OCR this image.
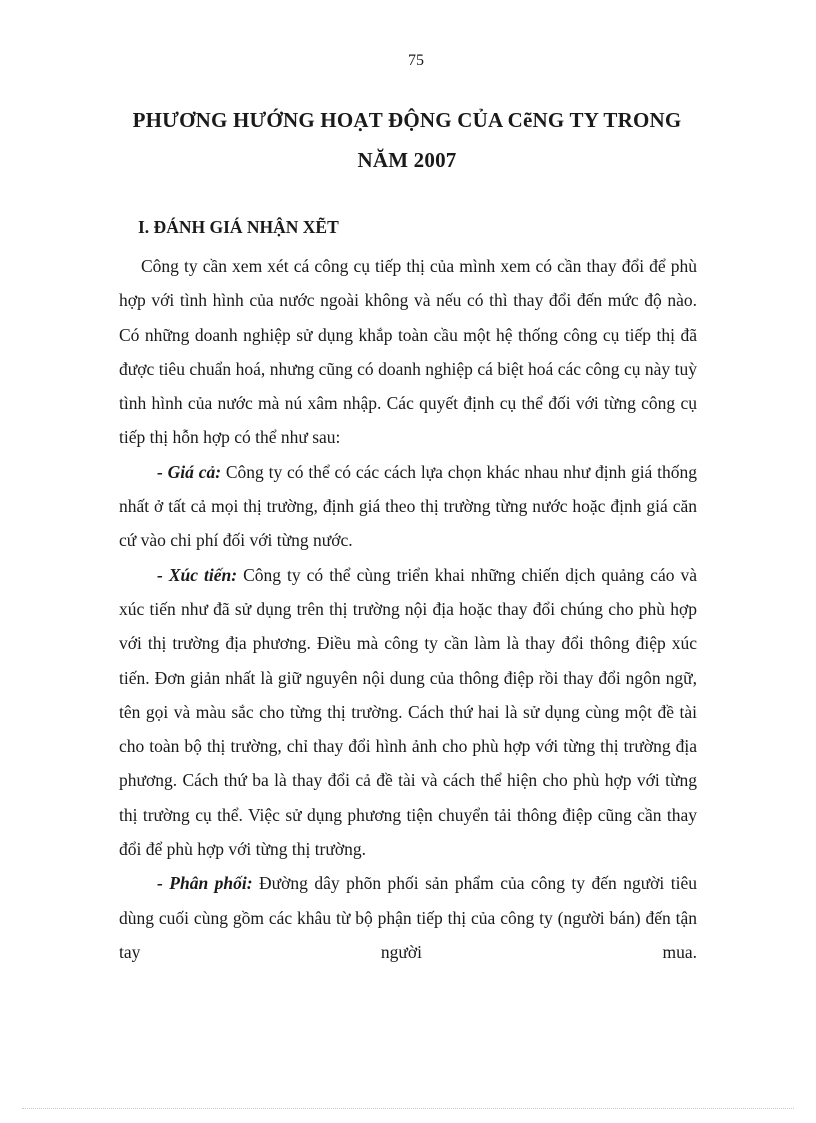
75
PHƯƠNG HƯỚNG HOẠT ĐỘNG CỦA CẽNG TY TRONG
NĂM 2007
I. ĐÁNH GIÁ NHẬN XẼT

Công ty cần xem xét cá công cụ tiếp thị của mình xem có cần thay đổi để phù hợp với tình hình của nước ngoài không và nếu có thì thay đổi đến mức độ nào. Có những doanh nghiệp sử dụng khắp toàn cầu một hệ thống công cụ tiếp thị đã được tiêu chuẩn hoá, nhưng cũng có doanh nghiệp cá biệt hoá các công cụ này tuỳ tình hình của nước mà nú xâm nhập. Các quyết định cụ thể đối với từng công cụ tiếp thị hỗn hợp có thể như sau:

- Giá cả: Công ty có thể có các cách lựa chọn khác nhau như định giá thống nhất ở tất cả mọi thị trường, định giá theo thị trường từng nước hoặc định giá căn cứ vào chi phí đối với từng nước.

- Xúc tiến: Công ty có thể cùng triển khai những chiến dịch quảng cáo và xúc tiến như đã sử dụng trên thị trường nội địa hoặc thay đổi chúng cho phù hợp với thị trường địa phương. Điều mà công ty cần làm là thay đổi thông điệp xúc tiến. Đơn giản nhất là giữ nguyên nội dung của thông điệp rồi thay đổi ngôn ngữ, tên gọi và màu sắc cho từng thị trường. Cách thứ hai là sử dụng cùng một đề tài cho toàn bộ thị trường, chỉ thay đổi hình ảnh cho phù hợp với từng thị trường địa phương. Cách thứ ba là thay đổi cả đề tài và cách thể hiện cho phù hợp với từng thị trường cụ thể. Việc sử dụng phương tiện chuyển tải thông điệp cũng cần thay đổi để phù hợp với từng thị trường.

- Phân phối: Đường dây phõn phối sản phẩm của công ty đến người tiêu dùng cuối cùng gồm các khâu từ bộ phận tiếp thị của công ty (người bán) đến tận tay người mua.
